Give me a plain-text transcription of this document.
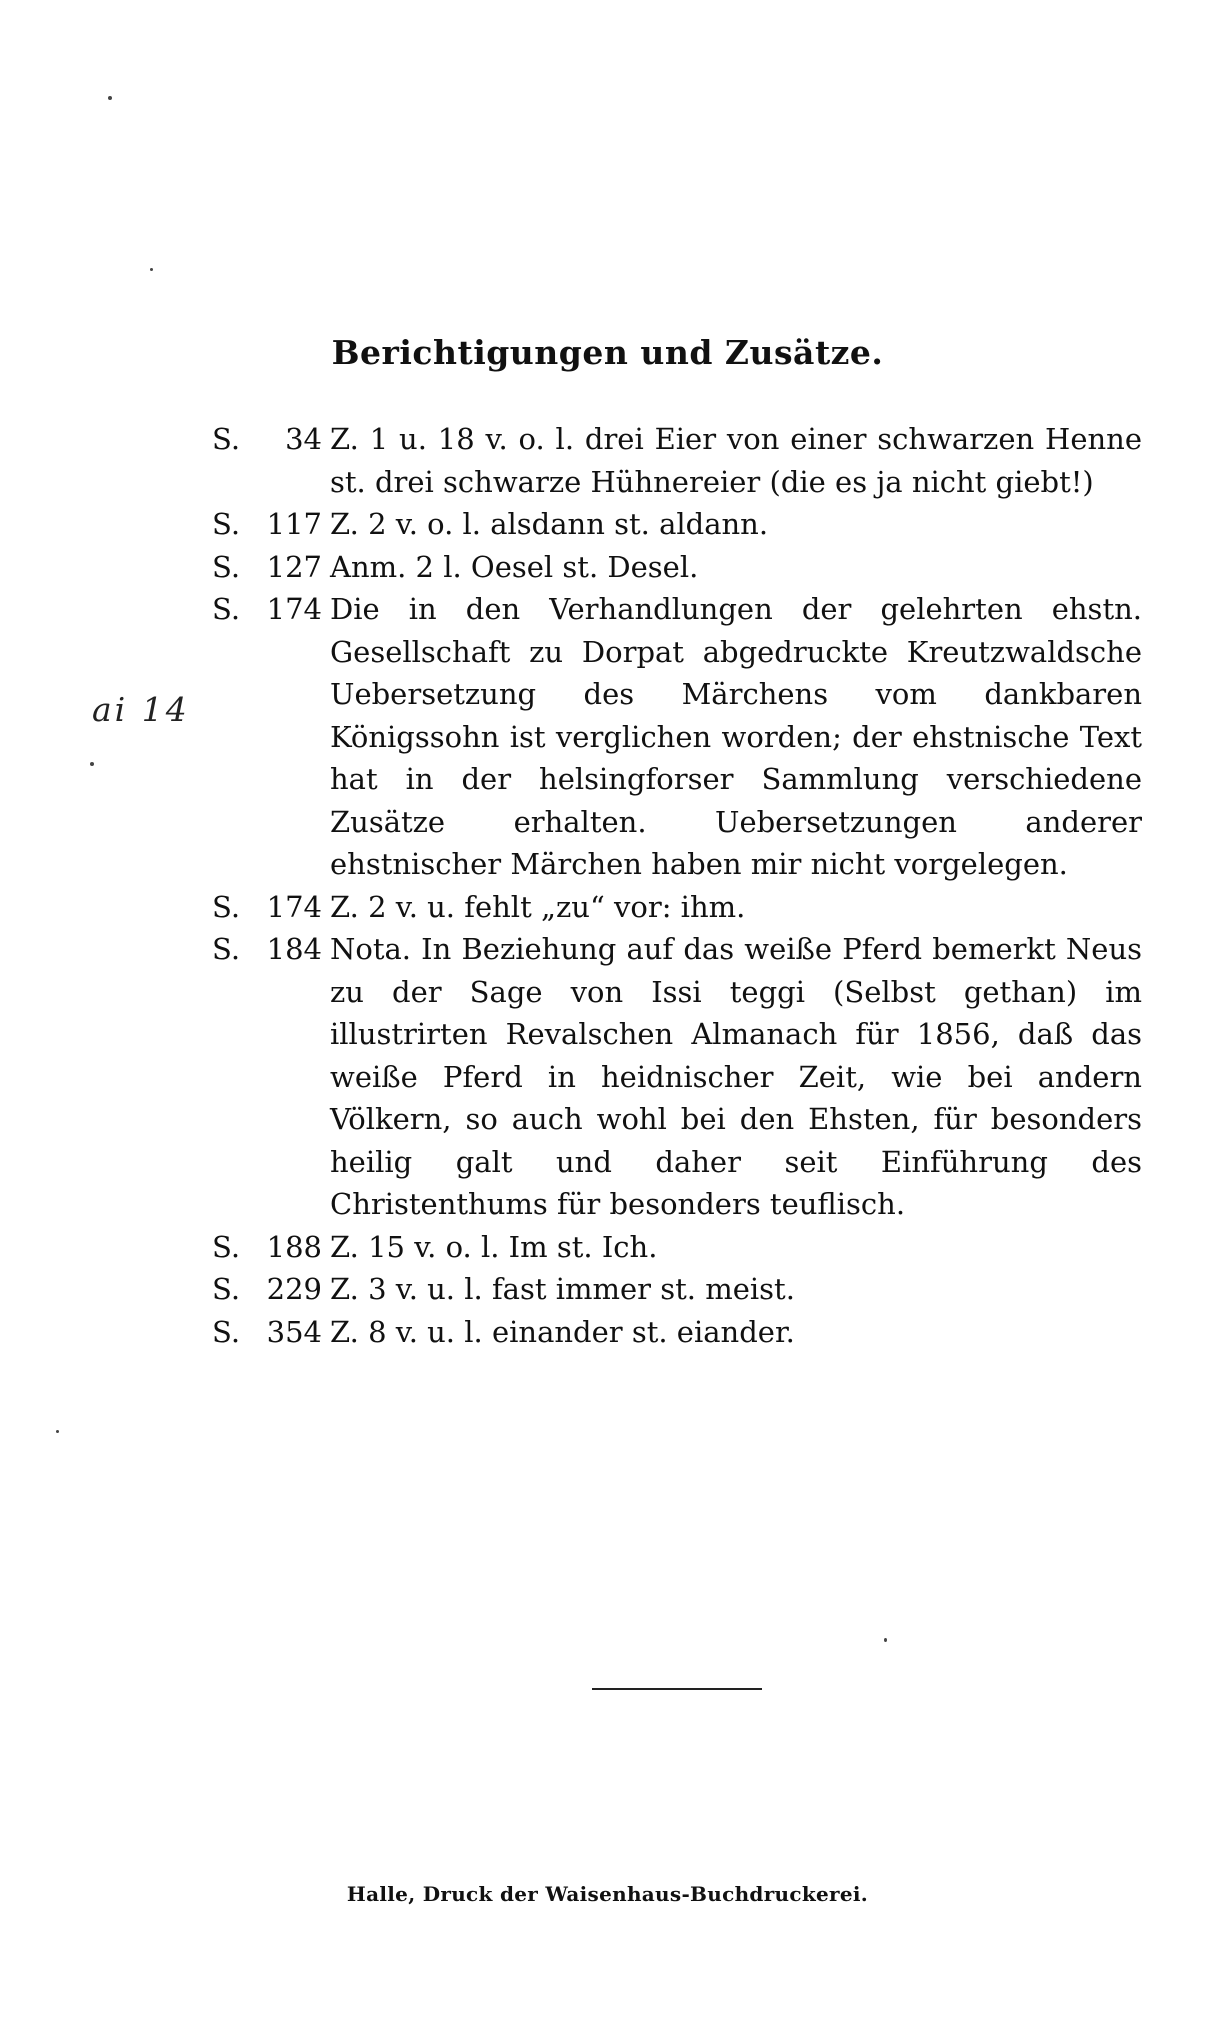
Berichtigungen und Zusätze.
S. 34 Z. 1 u. 18 v. o. l. drei Eier von einer schwarzen Henne st. drei schwarze Hühnereier (die es ja nicht giebt!)
S. 117 Z. 2 v. o. l. alsdann st. aldann.
S. 127 Anm. 2 l. Oesel st. Desel.
S. 174 Die in den Verhandlungen der gelehrten ehstn. Gesellschaft zu Dorpat abgedruckte Kreutzwaldsche Uebersetzung des Märchens vom dankbaren Königssohn ist verglichen worden; der ehstnische Text hat in der helsingforser Sammlung verschiedene Zusätze erhalten. Uebersetzungen anderer ehstnischer Märchen haben mir nicht vorgelegen.
S. 174 Z. 2 v. u. fehlt „zu“ vor: ihm.
S. 184 Nota. In Beziehung auf das weiße Pferd bemerkt Neus zu der Sage von Issi teggi (Selbst gethan) im illustrirten Revalschen Almanach für 1856, daß das weiße Pferd in heidnischer Zeit, wie bei andern Völkern, so auch wohl bei den Ehsten, für besonders heilig galt und daher seit Einführung des Christenthums für besonders teuflisch.
S. 188 Z. 15 v. o. l. Im st. Ich.
S. 229 Z. 3 v. u. l. fast immer st. meist.
S. 354 Z. 8 v. u. l. einander st. eiander.
ai 14
Halle, Druck der Waisenhaus-Buchdruckerei.
